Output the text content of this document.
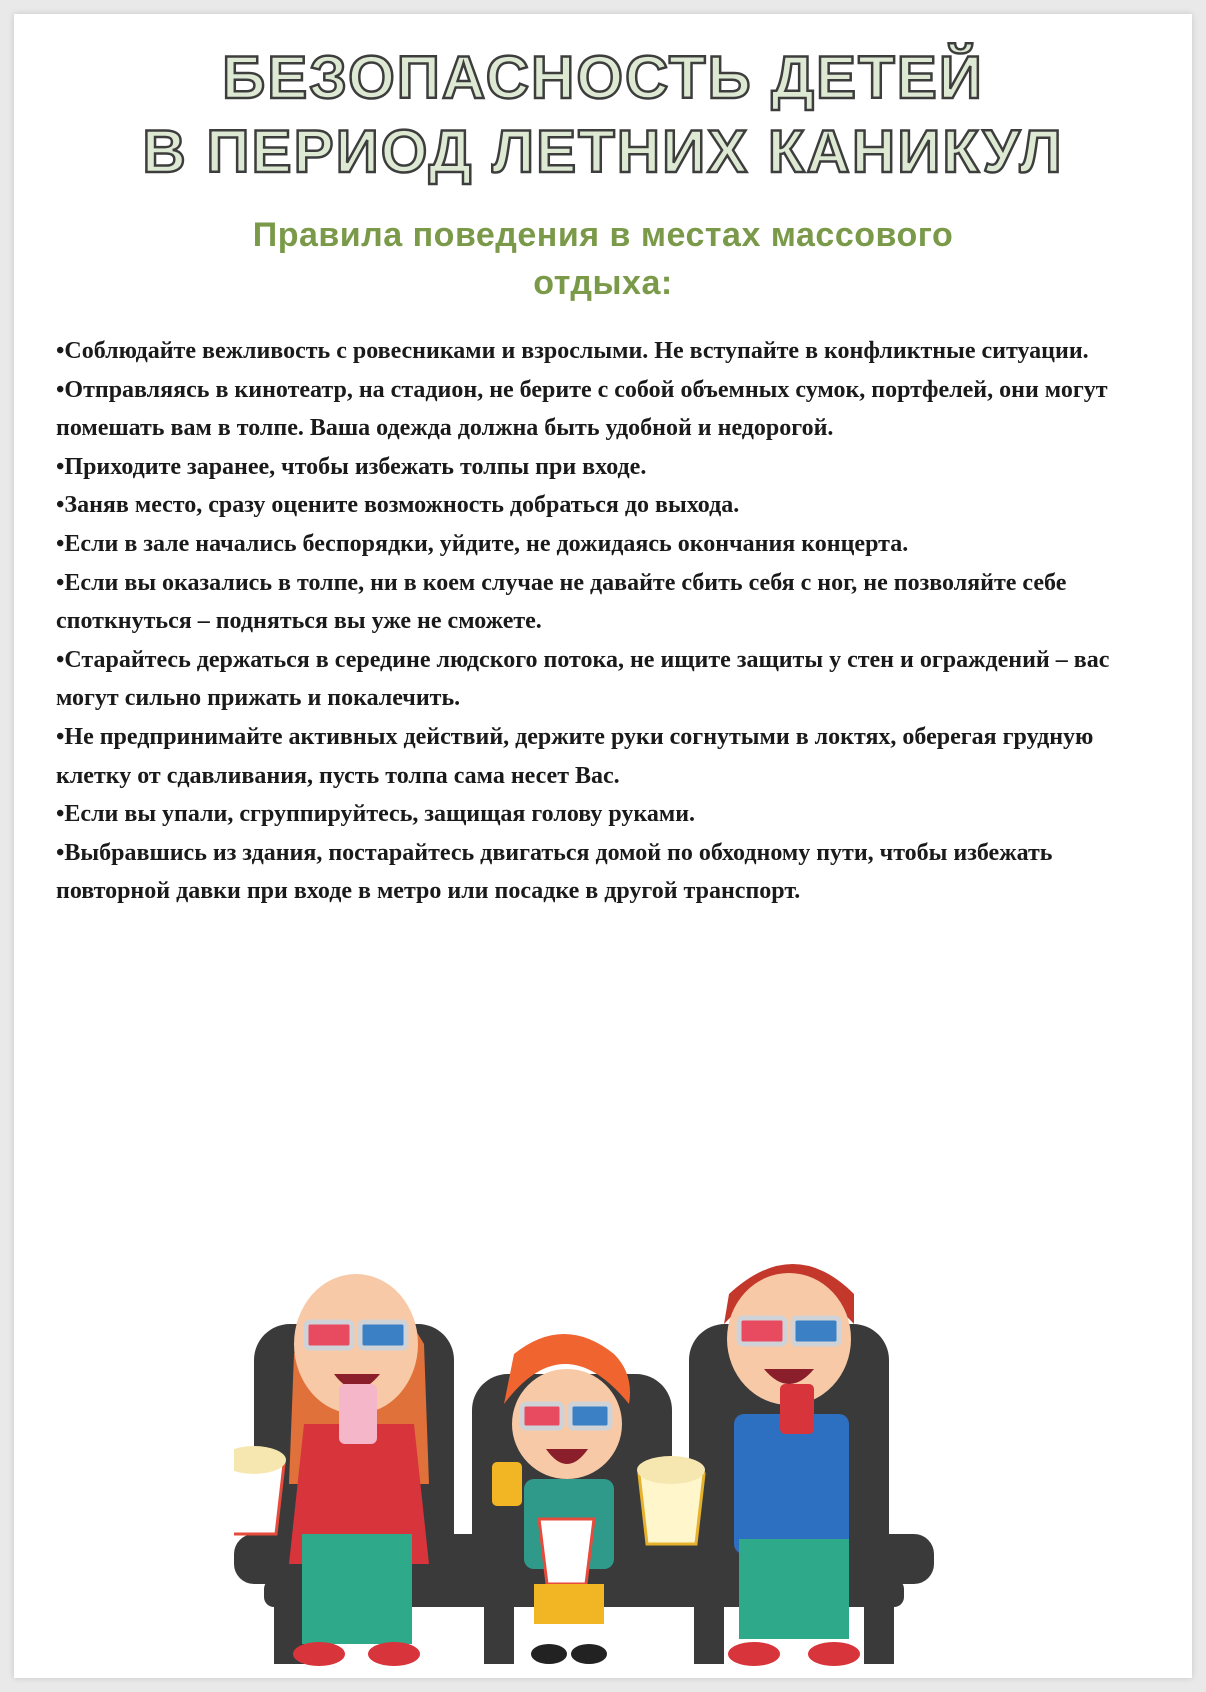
БЕЗОПАСНОСТЬ ДЕТЕЙ
В ПЕРИОД ЛЕТНИХ КАНИКУЛ
Правила поведения в местах массового
отдыха:

•Соблюдайте вежливость с ровесниками и взрослыми. Не вступайте в конфликтные ситуации.

•Отправляясь в кинотеатр, на стадион, не берите с собой объемных сумок, портфелей, они могут помешать вам в толпе. Ваша одежда должна быть удобной и недорогой.

•Приходите заранее, чтобы избежать толпы при входе.

•Заняв место, сразу оцените возможность добраться до выхода.

•Если в зале начались беспорядки, уйдите, не дожидаясь окончания концерта.

•Если вы оказались в толпе, ни в коем случае не давайте сбить себя с ног, не позволяйте себе споткнуться – подняться вы уже не сможете.

•Старайтесь держаться в середине людского потока, не ищите защиты у стен и ограждений – вас могут сильно прижать и покалечить.

•Не предпринимайте активных действий, держите руки согнутыми в локтях, оберегая грудную клетку от сдавливания, пусть толпа сама несет Вас.

•Если вы упали, сгруппируйтесь, защищая голову руками.

•Выбравшись из здания, постарайтесь двигаться домой по обходному пути, чтобы избежать повторной давки при входе в метро или посадке в другой транспорт.
